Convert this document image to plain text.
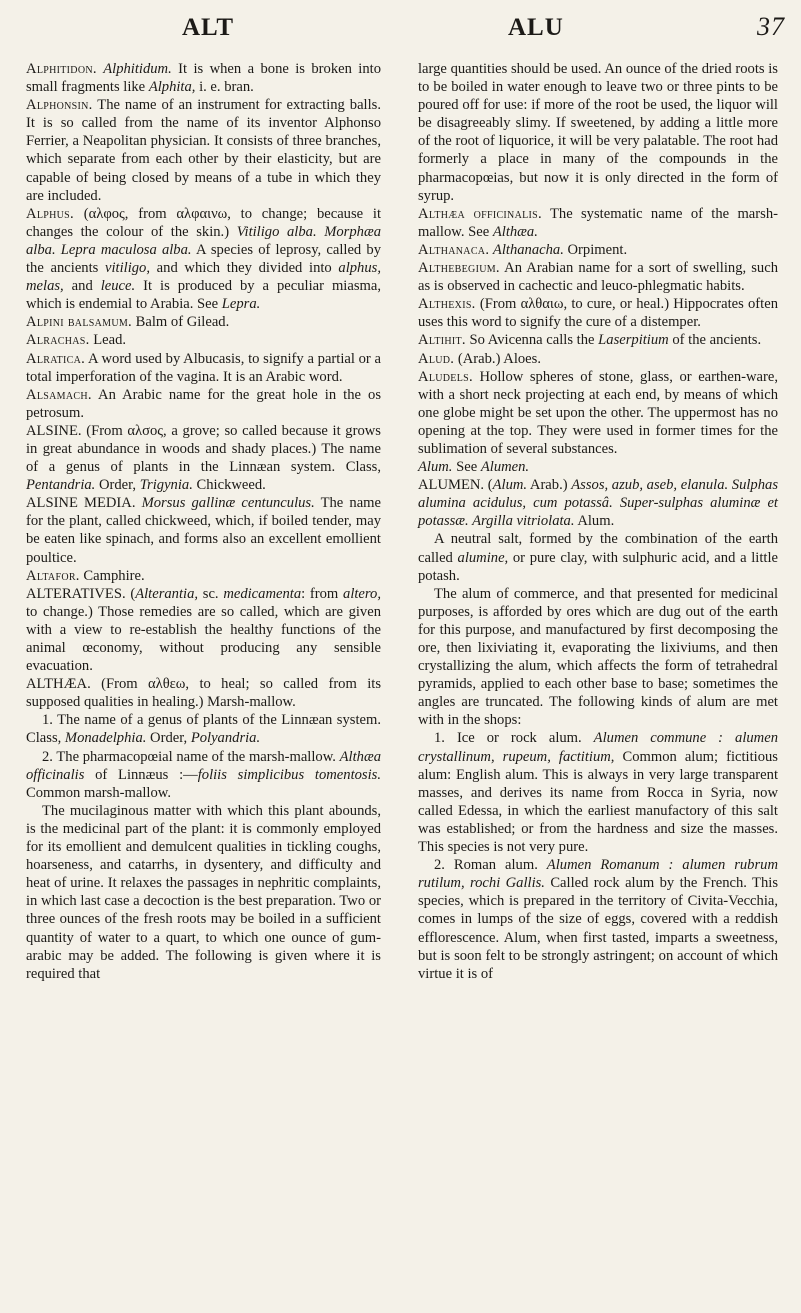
ALT	ALU	37

Alphitidon. Alphitidum. It is when a bone is broken into small fragments like Alphita, i. e. bran.

Alphonsin. The name of an instrument for extracting balls. It is so called from the name of its inventor Alphonso Ferrier, a Neapolitan physician. It consists of three branches, which separate from each other by their elasticity, but are capable of being closed by means of a tube in which they are included.

Alphus. (αλφος, from αλφαινω, to change; because it changes the colour of the skin.) Vitiligo alba. Morphæa alba. Lepra maculosa alba. A species of leprosy, called by the ancients vitiligo, and which they divided into alphus, melas, and leuce. It is produced by a peculiar miasma, which is endemial to Arabia. See Lepra.

Alpini balsamum. Balm of Gilead.

Alrachas. Lead.

Alratica. A word used by Albucasis, to signify a partial or a total imperforation of the vagina. It is an Arabic word.

Alsamach. An Arabic name for the great hole in the os petrosum.

ALSINE. (From αλσος, a grove; so called because it grows in great abundance in woods and shady places.) The name of a genus of plants in the Linnæan system. Class, Pentandria. Order, Trigynia. Chickweed.

ALSINE MEDIA. Morsus gallinæ centunculus. The name for the plant, called chickweed, which, if boiled tender, may be eaten like spinach, and forms also an excellent emollient poultice.

Altafor. Camphire.

ALTERATIVES. (Alterantia, sc. medicamenta: from altero, to change.) Those remedies are so called, which are given with a view to re-establish the healthy functions of the animal œconomy, without producing any sensible evacuation.

ALTHÆA. (From αλθεω, to heal; so called from its supposed qualities in healing.) Marsh-mallow.

1. The name of a genus of plants of the Linnæan system. Class, Monadelphia. Order, Polyandria.

2. The pharmacopœial name of the marsh-mallow. Althæa officinalis of Linnæus :—foliis simplicibus tomentosis. Common marsh-mallow.

The mucilaginous matter with which this plant abounds, is the medicinal part of the plant: it is commonly employed for its emollient and demulcent qualities in tickling coughs, hoarseness, and catarrhs, in dysentery, and difficulty and heat of urine. It relaxes the passages in nephritic complaints, in which last case a decoction is the best preparation. Two or three ounces of the fresh roots may be boiled in a sufficient quantity of water to a quart, to which one ounce of gum-arabic may be added. The following is given where it is required that

large quantities should be used. An ounce of the dried roots is to be boiled in water enough to leave two or three pints to be poured off for use: if more of the root be used, the liquor will be disagreeably slimy. If sweetened, by adding a little more of the root of liquorice, it will be very palatable. The root had formerly a place in many of the compounds in the pharmacopœias, but now it is only directed in the form of syrup.

Althæa officinalis. The systematic name of the marsh-mallow. See Althæa.

Althanaca. Althanacha. Orpiment.

Althebegium. An Arabian name for a sort of swelling, such as is observed in cachectic and leuco-phlegmatic habits.

Althexis. (From αλθαιω, to cure, or heal.) Hippocrates often uses this word to signify the cure of a distemper.

Altihit. So Avicenna calls the Laserpitium of the ancients.

Alud. (Arab.) Aloes.

Aludels. Hollow spheres of stone, glass, or earthen-ware, with a short neck projecting at each end, by means of which one globe might be set upon the other. The uppermost has no opening at the top. They were used in former times for the sublimation of several substances.

Alum. See Alumen.

ALUMEN. (Alum. Arab.) Assos, azub, aseb, elanula. Sulphas alumina acidulus, cum potassâ. Super-sulphas aluminæ et potassæ. Argilla vitriolata. Alum.

A neutral salt, formed by the combination of the earth called alumine, or pure clay, with sulphuric acid, and a little potash.

The alum of commerce, and that presented for medicinal purposes, is afforded by ores which are dug out of the earth for this purpose, and manufactured by first decomposing the ore, then lixiviating it, evaporating the lixiviums, and then crystallizing the alum, which affects the form of tetrahedral pyramids, applied to each other base to base; sometimes the angles are truncated. The following kinds of alum are met with in the shops:

1. Ice or rock alum. Alumen commune : alumen crystallinum, rupeum, factitium, Common alum; fictitious alum: English alum. This is always in very large transparent masses, and derives its name from Rocca in Syria, now called Edessa, in which the earliest manufactory of this salt was established; or from the hardness and size the masses. This species is not very pure.

2. Roman alum. Alumen Romanum : alumen rubrum rutilum, rochi Gallis. Called rock alum by the French. This species, which is prepared in the territory of Civita-Vecchia, comes in lumps of the size of eggs, covered with a reddish efflorescence. Alum, when first tasted, imparts a sweetness, but is soon felt to be strongly astringent; on account of which virtue it is of
